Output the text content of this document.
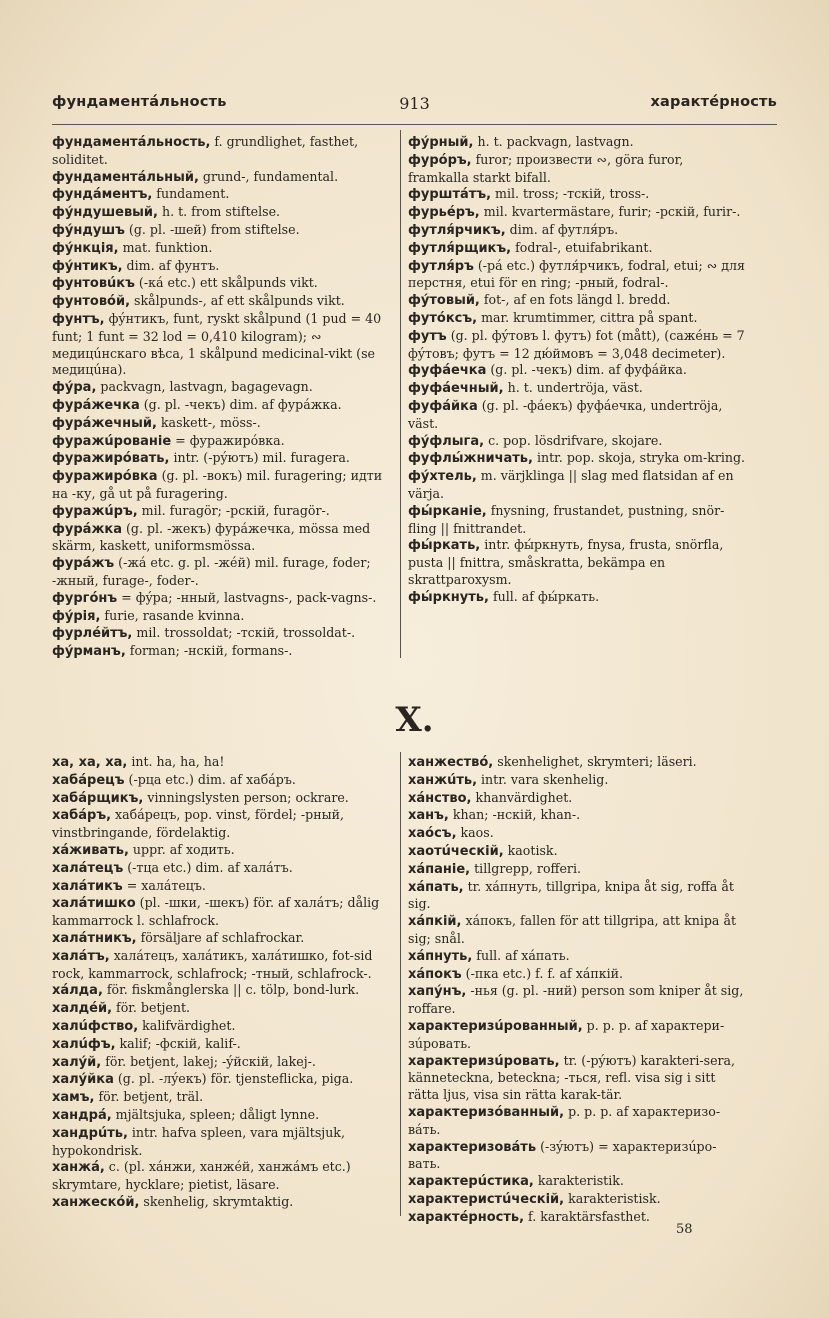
фундаментáльность	913	характéрность
фундаментáльность, f. grundlighet, fasthet, soliditet.
фундаментáльный, grund-, fundamental.
фундáментъ, fundament.
фýндушевый, h. t. from stiftelse.
фýндушъ (g. pl. -шей) from stiftelse.
фýнкція, mat. funktion.
фýнтикъ, dim. af фунтъ.
фунтовúкъ (-кá etc.) ett skålpunds vikt.
фунтовóй, skålpunds-, af ett skålpunds vikt.
фунтъ, фýнтикъ, funt, ryskt skålpund (1 pud = 40 funt; 1 funt = 32 lod = 0,410 kilogram); ∾ медицúнскаго вѣса, 1 skålpund medicinal-vikt (se медицúна).
фýра, packvagn, lastvagn, bagagevagn.
фурáжечка (g. pl. -чекъ) dim. af фурáжка.
фурáжечный, kaskett-, möss-.
фуражúрованіе = фуражирóвка.
фуражирóвать, intr. (-рýютъ) mil. furagera.
фуражирóвка (g. pl. -вокъ) mil. furagering; идти на -ку, gå ut på furagering.
фуражúръ, mil. furagör; -рскій, furagör-.
фурáжка (g. pl. -жекъ) фурáжечка, mössa med skärm, kaskett, uniformsmössa.
фурáжъ (-жá etc. g. pl. -жéй) mil. furage, foder; -жный, furage-, foder-.
фургóнъ = фýра; -нный, lastvagns-, pack-vagns-.
фýрія, furie, rasande kvinna.
фурлéйтъ, mil. trossoldat; -тскій, trossoldat-.
фýрманъ, forman; -нскій, formans-.
фýрный, h. t. packvagn, lastvagn.
фурóръ, furor; произвести ∾, göra furor, framkalla starkt bifall.
фурштáтъ, mil. tross; -тскій, tross-.
фурьéръ, mil. kvartermästare, furir; -рскій, furir-.
футля́рчикъ, dim. af футля́ръ.
футля́рщикъ, fodral-, etuifabrikant.
футля́ръ (-рá etc.) футля́рчикъ, fodral, etui; ∾ для перстня, etui för en ring; -рный, fodral-.
фýтовый, fot-, af en fots längd l. bredd.
футóксъ, mar. krumtimmer, cittra på spant.
футъ (g. pl. фýтовъ l. футъ) fot (mått), (сажéнь = 7 фýтовъ; футъ = 12 дю́ймовъ = 3,048 decimeter).
фуфáечка (g. pl. -чекъ) dim. af фуфáйка.
фуфáечный, h. t. undertröja, väst.
фуфáйка (g. pl. -фáекъ) фуфáечка, undertröja, väst.
фýфлыга, c. pop. lösdrifvare, skojare.
фуфлы́жничать, intr. pop. skoja, stryka om-kring.
фýхтель, m. värjklinga || slag med flatsidan af en värja.
фы́рканіе, fnysning, frustandet, pustning, snör-fling || fnittrandet.
фы́ркать, intr. фы́ркнуть, fnysa, frusta, snörfla, pusta || fnittra, småskratta, bekämpa en skrattparoxysm.
фы́ркнуть, full. af фы́ркать.
X.
ха, ха, ха, int. ha, ha, ha!
хабáрецъ (-рца etc.) dim. af хабáръ.
хабáрщикъ, vinningslysten person; ockrare.
хабáръ, хабáрецъ, pop. vinst, fördel; -рный, vinstbringande, fördelaktig.
хáживать, uppr. af ходить.
халáтецъ (-тца etc.) dim. af халáтъ.
халáтикъ = халáтецъ.
халáтишко (pl. -шки, -шекъ) för. af халáтъ; dålig kammarrock l. schlafrock.
халáтникъ, försäljare af schlafrockar.
халáтъ, халáтецъ, халáтикъ, халáтишко, fot-sid rock, kammarrock, schlafrock; -тный, schlafrock-.
хáлда, för. fiskmånglerska || c. tölp, bond-lurk.
халдéй, för. betjent.
халúфство, kalifvärdighet.
халúфъ, kalif; -фскій, kalif-.
халýй, för. betjent, lakej; -ýйскій, lakej-.
халýйка (g. pl. -лýекъ) för. tjensteflicka, piga.
хамъ, för. betjent, träl.
хандрá, mjältsjuka, spleen; dåligt lynne.
хандрúть, intr. hafva spleen, vara mjältsjuk, hypokondrisk.
ханжá, c. (pl. хáнжи, ханжéй, ханжáмъ etc.) skrymtare, hycklare; pietist, läsare.
ханжескóй, skenhelig, skrymtaktig.
ханжествó, skenhelighet, skrymteri; läseri.
ханжúть, intr. vara skenhelig.
хáнство, khanvärdighet.
ханъ, khan; -нскій, khan-.
хаóсъ, kaos.
хаотúческій, kaotisk.
хáпаніе, tillgrepp, rofferi.
хáпать, tr. хáпнуть, tillgripa, knipa åt sig, roffa åt sig.
хáпкій, хáпокъ, fallen för att tillgripa, att knipa åt sig; snål.
хáпнуть, full. af хáпать.
хáпокъ (-пка etc.) f. f. af хáпкій.
хапýнъ, -нья (g. pl. -ний) person som kniper åt sig, roffare.
характеризúрованный, p. p. p. af характери-зúровать.
характеризúровать, tr. (-рýютъ) karakteri-sera, känneteckna, beteckna; -ться, refl. visa sig i sitt rätta ljus, visa sin rätta karak-tär.
характеризóванный, p. p. p. af характеризо-вáть.
характеризовáть (-зýютъ) = характеризúро-вать.
характерúстика, karakteristik.
характеристúческій, karakteristisk.
характéрность, f. karaktärsfasthet.
58
